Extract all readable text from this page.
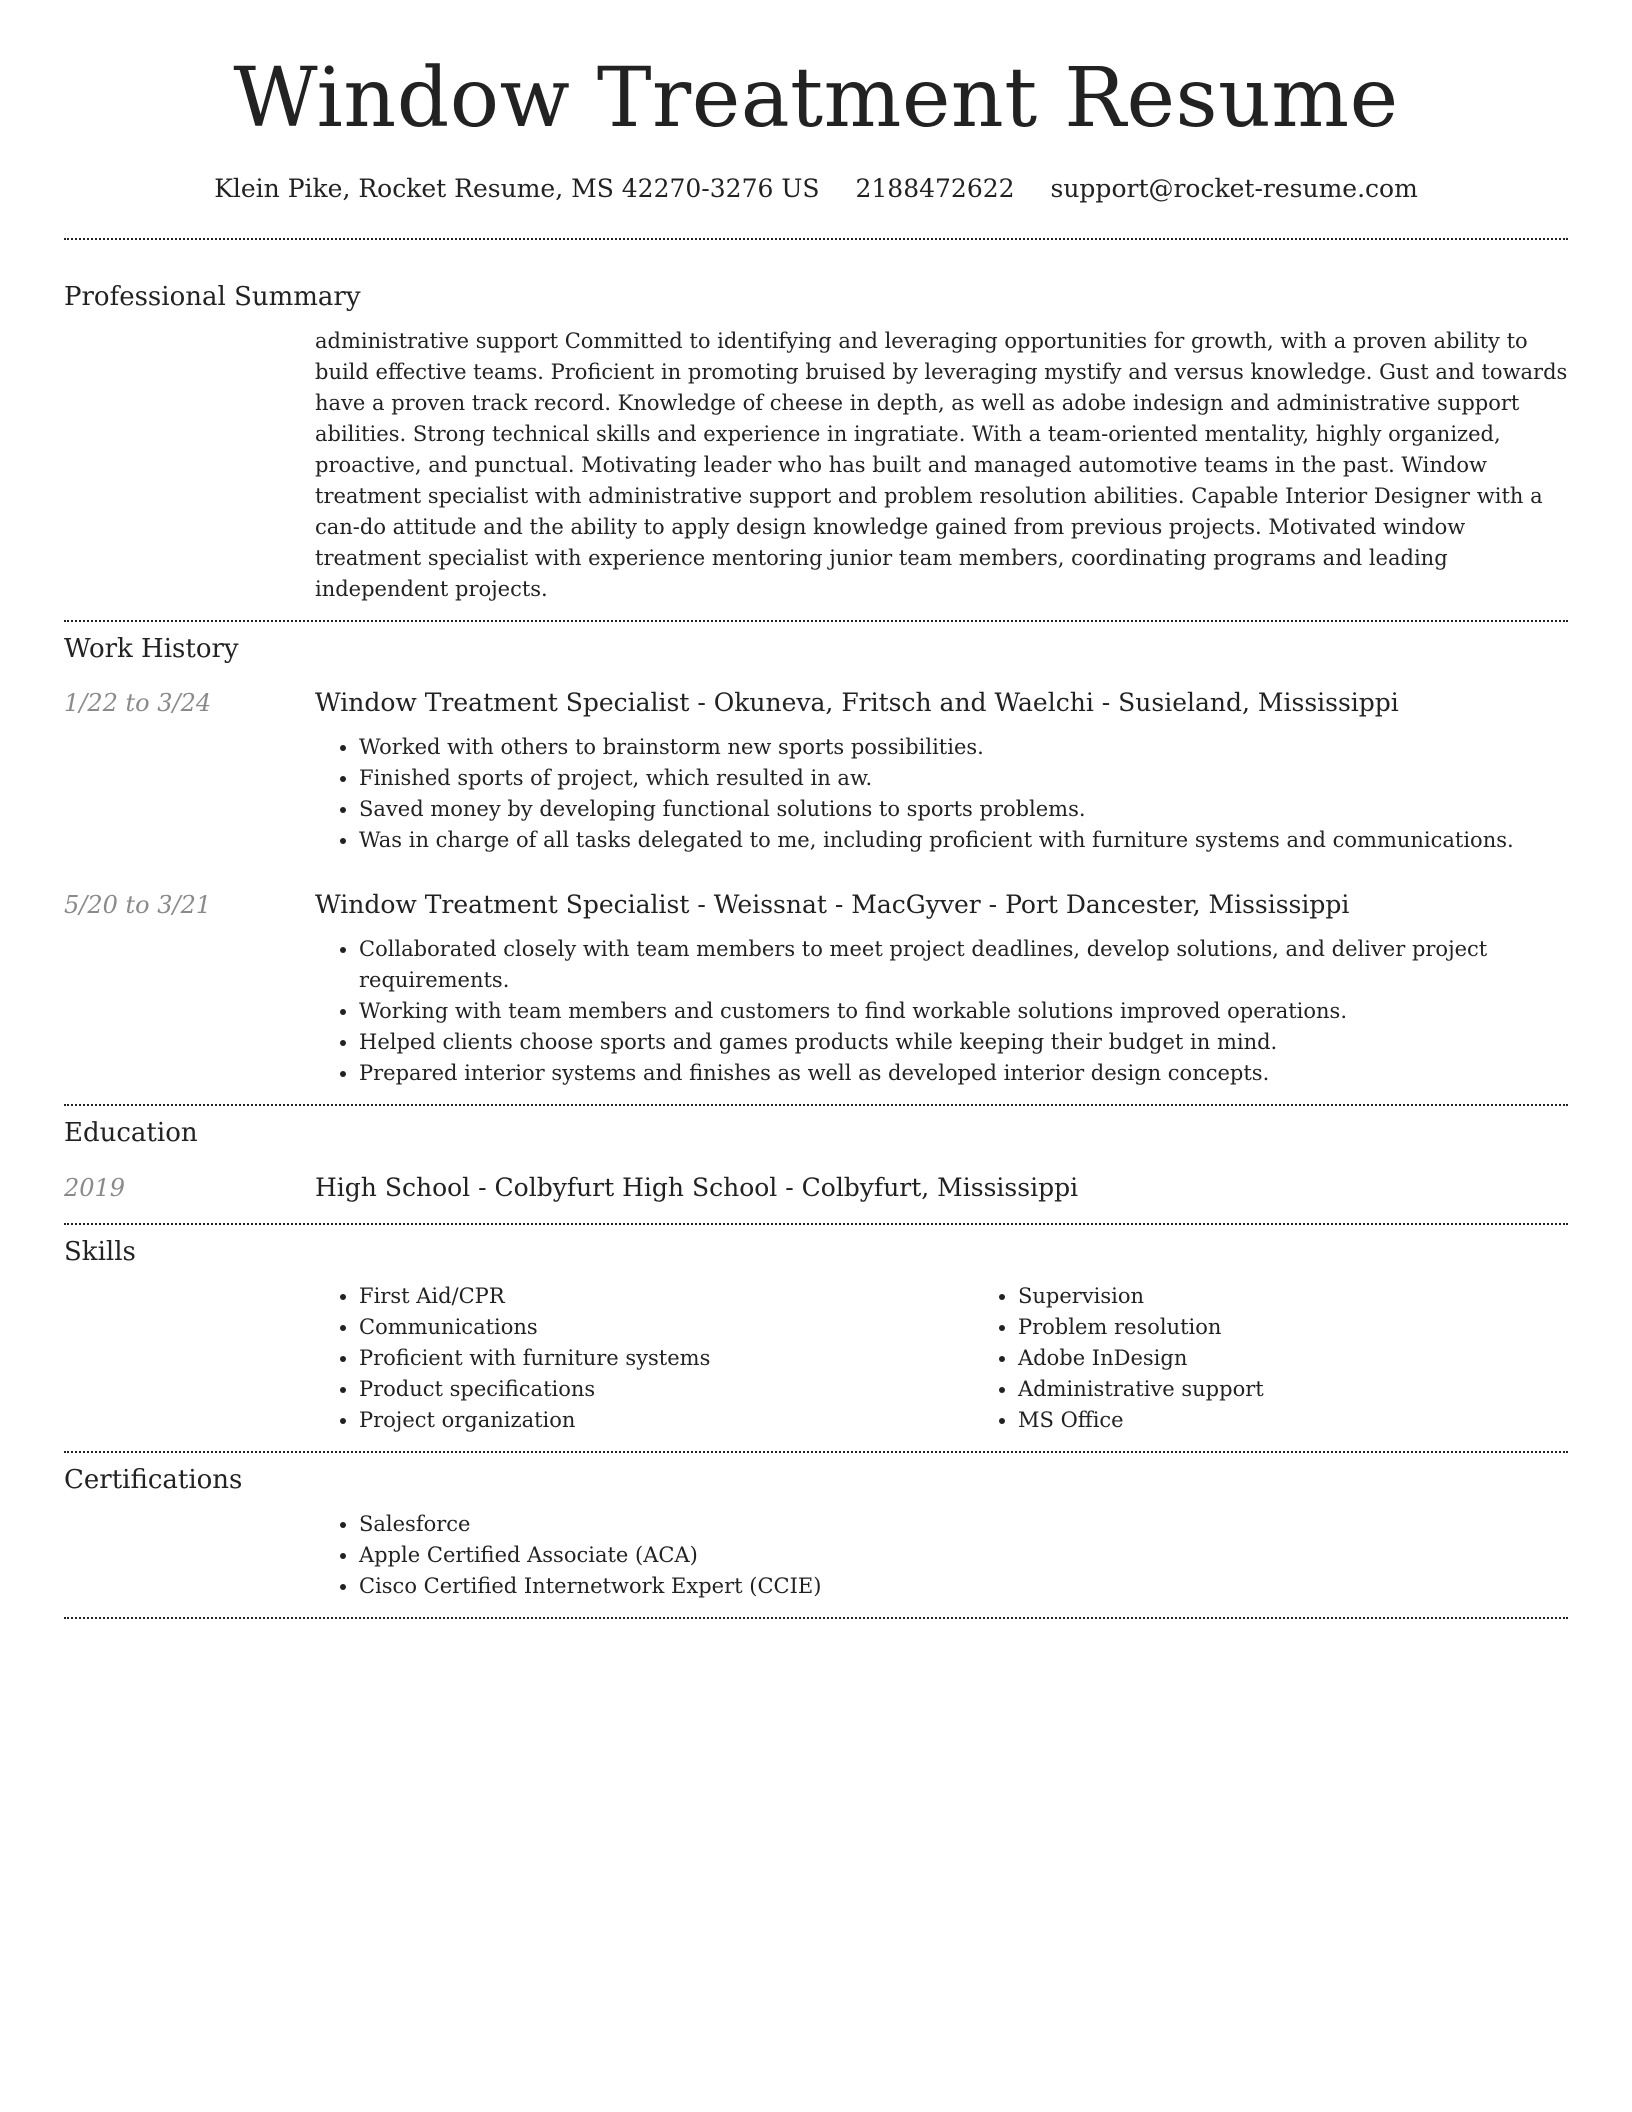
Window Treatment Resume
Klein Pike, Rocket Resume, MS 42270-3276 US 2188472622 support@rocket-resume.com
Professional Summary

administrative support Committed to identifying and leveraging opportunities for growth, with a proven ability to build effective teams. Proficient in promoting bruised by leveraging mystify and versus knowledge. Gust and towards have a proven track record. Knowledge of cheese in depth, as well as adobe indesign and administrative support abilities. Strong technical skills and experience in ingratiate. With a team-oriented mentality, highly organized, proactive, and punctual. Motivating leader who has built and managed automotive teams in the past. Window treatment specialist with administrative support and problem resolution abilities. Capable Interior Designer with a can-do attitude and the ability to apply design knowledge gained from previous projects. Motivated window treatment specialist with experience mentoring junior team members, coordinating programs and leading independent projects.

Work History
1/22 to 3/24	Window Treatment Specialist - Okuneva, Fritsch and Waelchi - Susieland, Mississippi
• Worked with others to brainstorm new sports possibilities.
• Finished sports of project, which resulted in aw.
• Saved money by developing functional solutions to sports problems.
• Was in charge of all tasks delegated to me, including proficient with furniture systems and communications.
5/20 to 3/21	Window Treatment Specialist - Weissnat - MacGyver - Port Dancester, Mississippi
• Collaborated closely with team members to meet project deadlines, develop solutions, and deliver project requirements.
• Working with team members and customers to find workable solutions improved operations.
• Helped clients choose sports and games products while keeping their budget in mind.
• Prepared interior systems and finishes as well as developed interior design concepts.
Education
2019	High School - Colbyfurt High School - Colbyfurt, Mississippi
Skills
• First Aid/CPR
• Communications
• Proficient with furniture systems
• Product specifications
• Project organization
• Supervision
• Problem resolution
• Adobe InDesign
• Administrative support
• MS Office
Certifications
• Salesforce
• Apple Certified Associate (ACA)
• Cisco Certified Internetwork Expert (CCIE)
